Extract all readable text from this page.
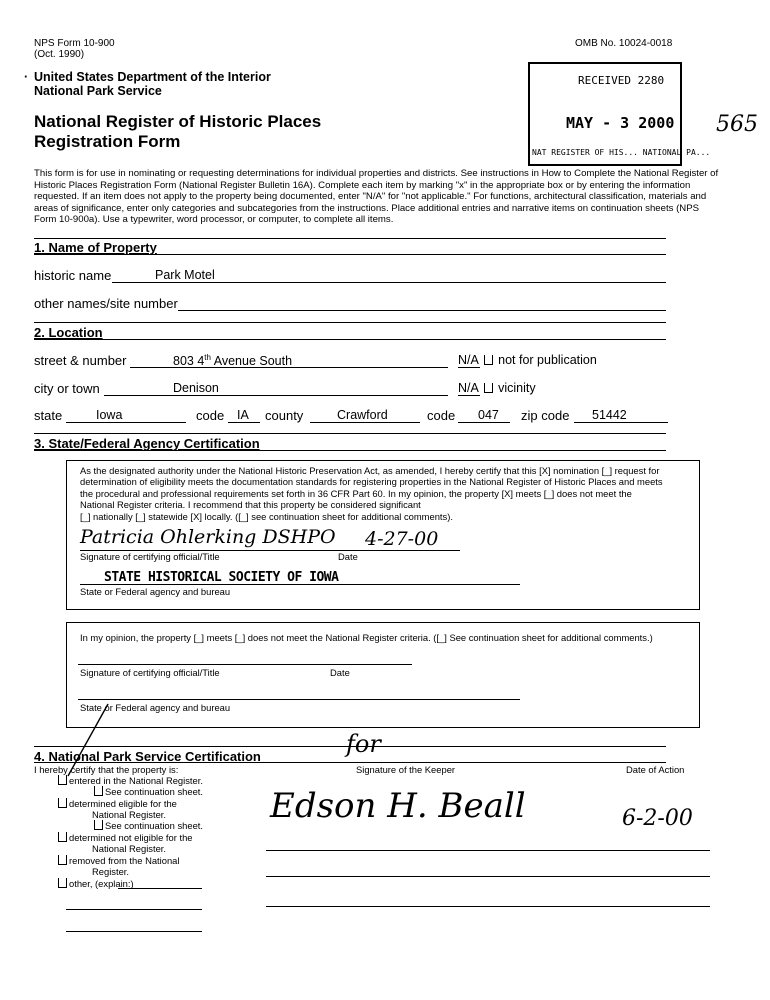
NPS Form 10-900
(Oct. 1990)
OMB No. 10024-0018
· United States Department of the Interior
National Park Service
National Register of Historic Places
Registration Form
RECEIVED 2280
MAY - 3 2000
NAT REGISTER OF HIS... NATIONAL PA...
565
This form is for use in nominating or requesting determinations for individual properties and districts. See instructions in How to Complete the National Register of
Historic Places Registration Form (National Register Bulletin 16A). Complete each item by marking "x" in the appropriate box or by entering the information
requested. If an item does not apply to the property being documented, enter "N/A" for "not applicable." For functions, architectural classification, materials and
areas of significance, enter only categories and subcategories from the instructions. Place additional entries and narrative items on continuation sheets (NPS
Form 10-900a). Use a typewriter, word processor, or computer, to complete all items.
1. Name of Property
historic name	Park Motel
other names/site number
2. Location
street & number	803 4th Avenue South	N/A not for publication
city or town	Denison	N/A vicinity
state	Iowa	code IA county	Crawford	code 047 zip code 51442
3. State/Federal Agency Certification
As the designated authority under the National Historic Preservation Act, as amended, I hereby certify that this [X] nomination [_] request for
determination of eligibility meets the documentation standards for registering properties in the National Register of Historic Places and meets
the procedural and professional requirements set forth in 36 CFR Part 60. In my opinion, the property [X] meets [_] does not meet the
National Register criteria. I recommend that this property be considered significant
[_] nationally [_] statewide [X] locally. ([_] see continuation sheet for additional comments).
Patricia Ohlerking DSHPO 4-27-00
Signature of certifying official/Title	Date
STATE HISTORICAL SOCIETY OF IOWA
State or Federal agency and bureau
In my opinion, the property [_] meets [_] does not meet the National Register criteria. ([_] See continuation sheet for additional comments.)
Signature of certifying official/Title	Date
State or Federal agency and bureau
4. National Park Service Certification
I hereby certify that the property is:	Signature of the Keeper	Date of Action
entered in the National Register.
See continuation sheet.
determined eligible for the
National Register.
See continuation sheet.
determined not eligible for the
National Register.
removed from the National
Register.
other, (explain:)
Edson H. Beall	6-2-00
for
